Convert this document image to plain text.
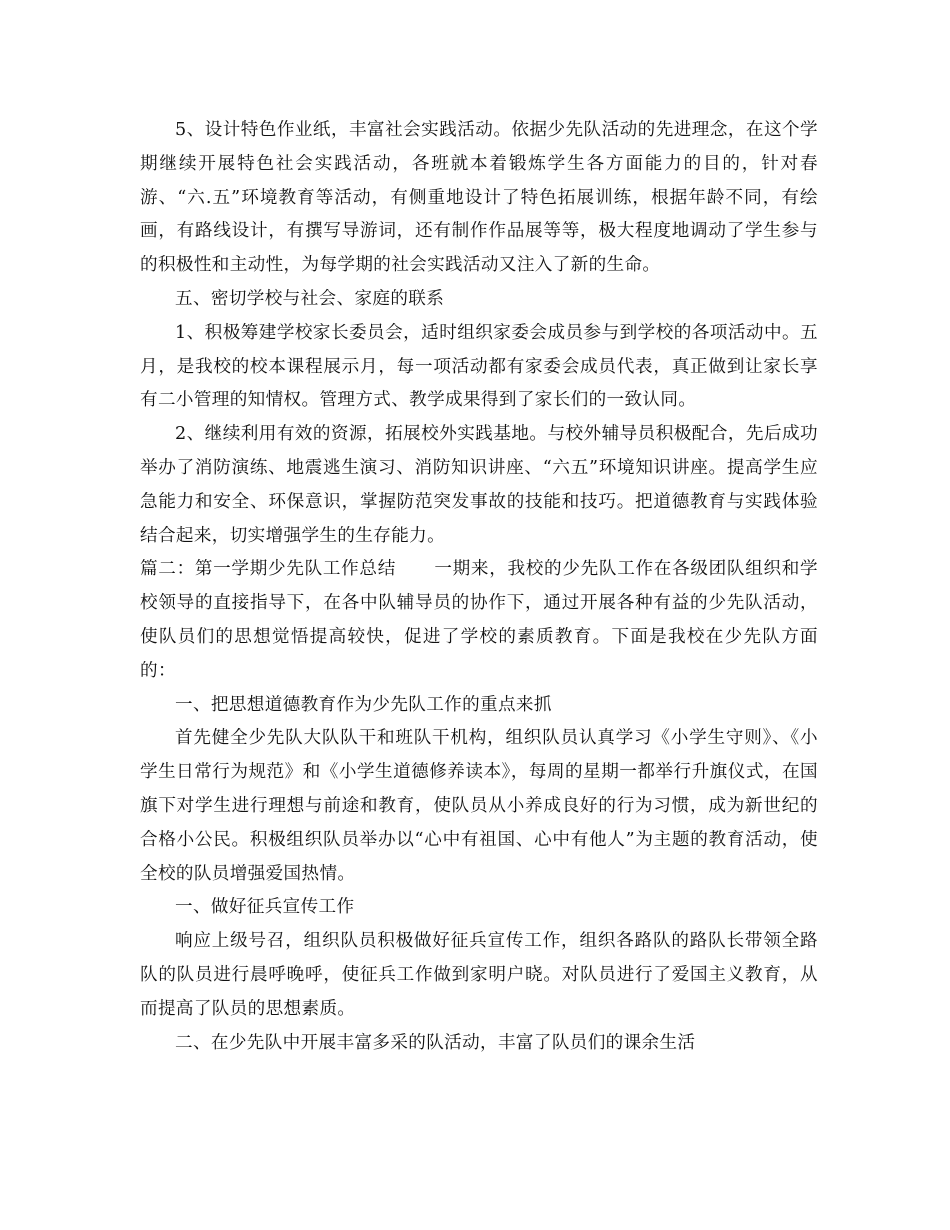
5、设计特色作业纸，丰富社会实践活动。依据少先队活动的先进理念，在这个学期继续开展特色社会实践活动，各班就本着锻炼学生各方面能力的目的，针对春游、“六.五”环境教育等活动，有侧重地设计了特色拓展训练，根据年龄不同，有绘画，有路线设计，有撰写导游词，还有制作作品展等等，极大程度地调动了学生参与的积极性和主动性，为每学期的社会实践活动又注入了新的生命。

五、密切学校与社会、家庭的联系

1、积极筹建学校家长委员会，适时组织家委会成员参与到学校的各项活动中。五月，是我校的校本课程展示月，每一项活动都有家委会成员代表，真正做到让家长享有二小管理的知情权。管理方式、教学成果得到了家长们的一致认同。

2、继续利用有效的资源，拓展校外实践基地。与校外辅导员积极配合，先后成功举办了消防演练、地震逃生演习、消防知识讲座、“六五”环境知识讲座。提高学生应急能力和安全、环保意识，掌握防范突发事故的技能和技巧。把道德教育与实践体验结合起来，切实增强学生的生存能力。

篇二：第一学期少先队工作总结 一期来，我校的少先队工作在各级团队组织和学校领导的直接指导下，在各中队辅导员的协作下，通过开展各种有益的少先队活动，使队员们的思想觉悟提高较快，促进了学校的素质教育。下面是我校在少先队方面的：

一、把思想道德教育作为少先队工作的重点来抓

首先健全少先队大队队干和班队干机构，组织队员认真学习《小学生守则》、《小学生日常行为规范》和《小学生道德修养读本》，每周的星期一都举行升旗仪式，在国旗下对学生进行理想与前途和教育，使队员从小养成良好的行为习惯，成为新世纪的合格小公民。积极组织队员举办以“心中有祖国、心中有他人”为主题的教育活动，使全校的队员增强爱国热情。

一、做好征兵宣传工作

响应上级号召，组织队员积极做好征兵宣传工作，组织各路队的路队长带领全路队的队员进行晨呼晚呼，使征兵工作做到家明户晓。对队员进行了爱国主义教育，从而提高了队员的思想素质。

二、在少先队中开展丰富多采的队活动，丰富了队员们的课余生活
